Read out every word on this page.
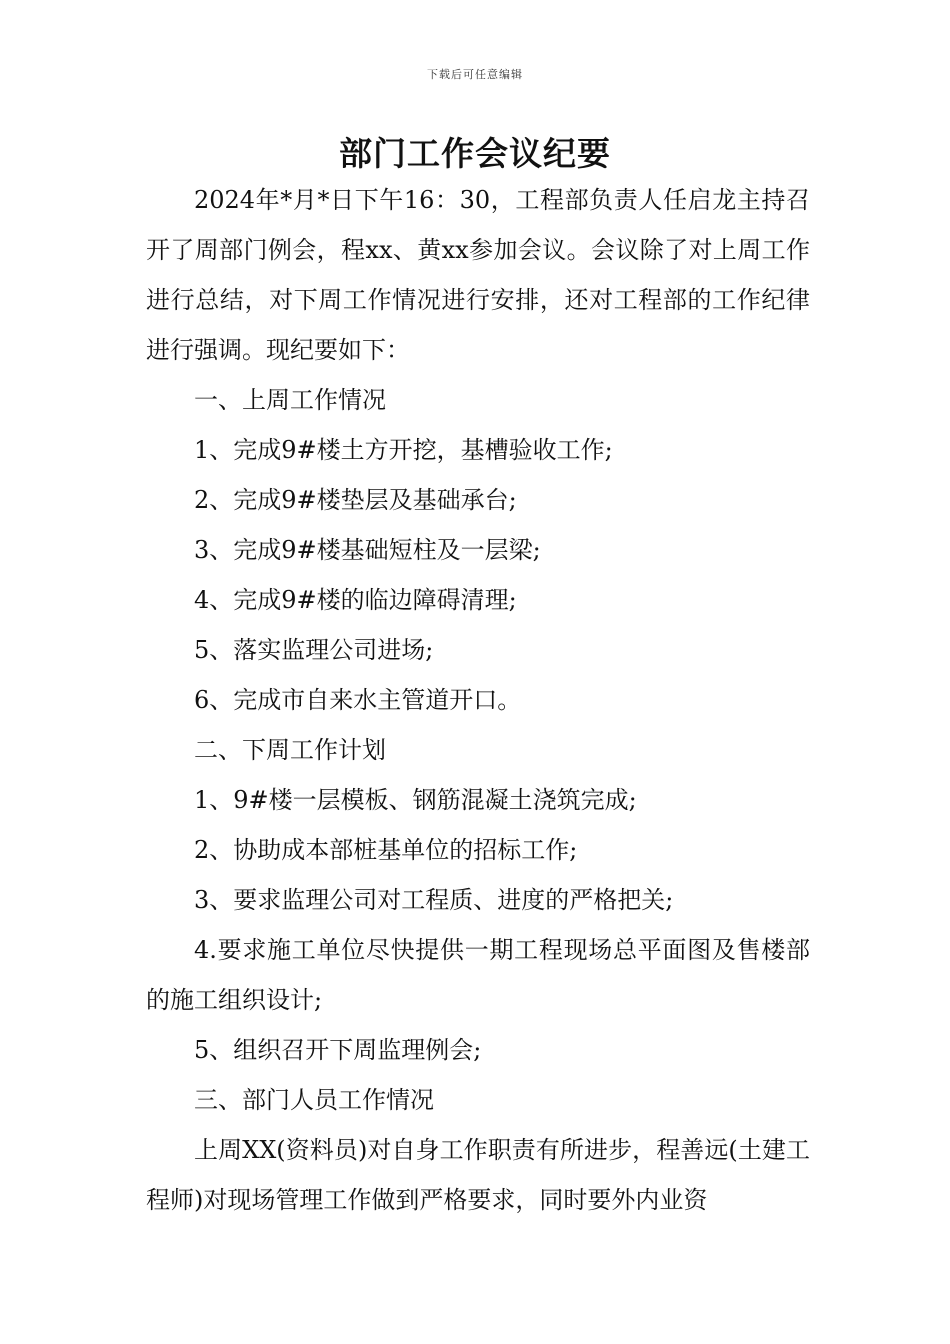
下载后可任意编辑
部门工作会议纪要

2024年*月*日下午16：30，工程部负责人任启龙主持召开了周部门例会，程xx、黄xx参加会议。会议除了对上周工作进行总结，对下周工作情况进行安排，还对工程部的工作纪律进行强调。现纪要如下：

一、上周工作情况

1、完成9#楼土方开挖，基槽验收工作;

2、完成9#楼垫层及基础承台;

3、完成9#楼基础短柱及一层梁;

4、完成9#楼的临边障碍清理;

5、落实监理公司进场;

6、完成市自来水主管道开口。

二、下周工作计划

1、9#楼一层模板、钢筋混凝土浇筑完成;

2、协助成本部桩基单位的招标工作;

3、要求监理公司对工程质、进度的严格把关;

4.要求施工单位尽快提供一期工程现场总平面图及售楼部的施工组织设计;

5、组织召开下周监理例会;

三、部门人员工作情况

上周XX(资料员)对自身工作职责有所进步，程善远(土建工程师)对现场管理工作做到严格要求，同时要外内业资
